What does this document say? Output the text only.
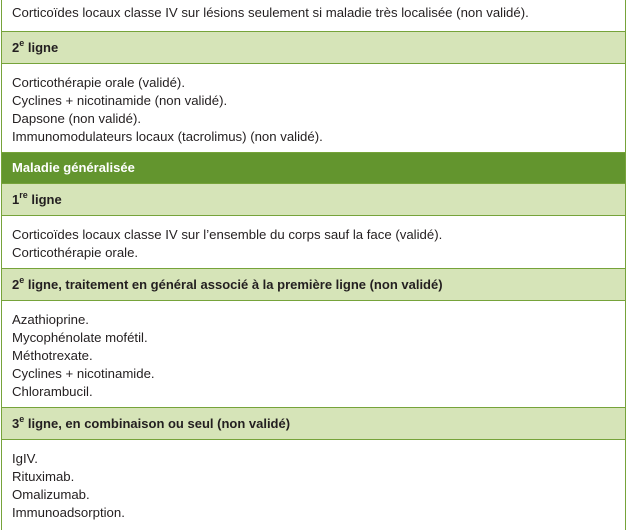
Corticoïdes locaux classe IV sur lésions seulement si maladie très localisée (non validé).
2e ligne
Corticothérapie orale (validé).
Cyclines + nicotinamide (non validé).
Dapsone (non validé).
Immunomodulateurs locaux (tacrolimus) (non validé).
Maladie généralisée
1re ligne
Corticoïdes locaux classe IV sur l’ensemble du corps sauf la face (validé).
Corticothérapie orale.
2e ligne, traitement en général associé à la première ligne (non validé)
Azathioprine.
Mycophénolate mofétil.
Méthotrexate.
Cyclines + nicotinamide.
Chlorambucil.
3e ligne, en combinaison ou seul (non validé)
IgIV.
Rituximab.
Omalizumab.
Immunoadsorption.
